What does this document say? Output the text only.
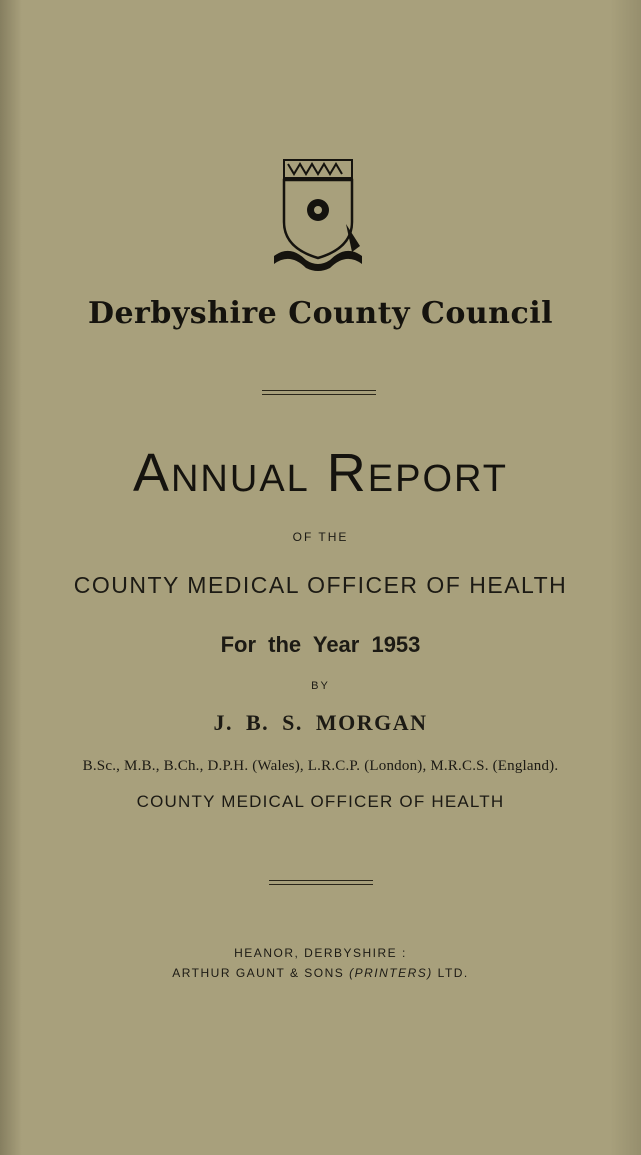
Derbyshire County Council
Annual Report
OF THE
COUNTY MEDICAL OFFICER OF HEALTH
For the Year 1953
BY
J. B. S. MORGAN
B.Sc., M.B., B.Ch., D.P.H. (Wales), L.R.C.P. (London), M.R.C.S. (England).
COUNTY MEDICAL OFFICER OF HEALTH
HEANOR, DERBYSHIRE :
ARTHUR GAUNT & SONS (PRINTERS) LTD.
